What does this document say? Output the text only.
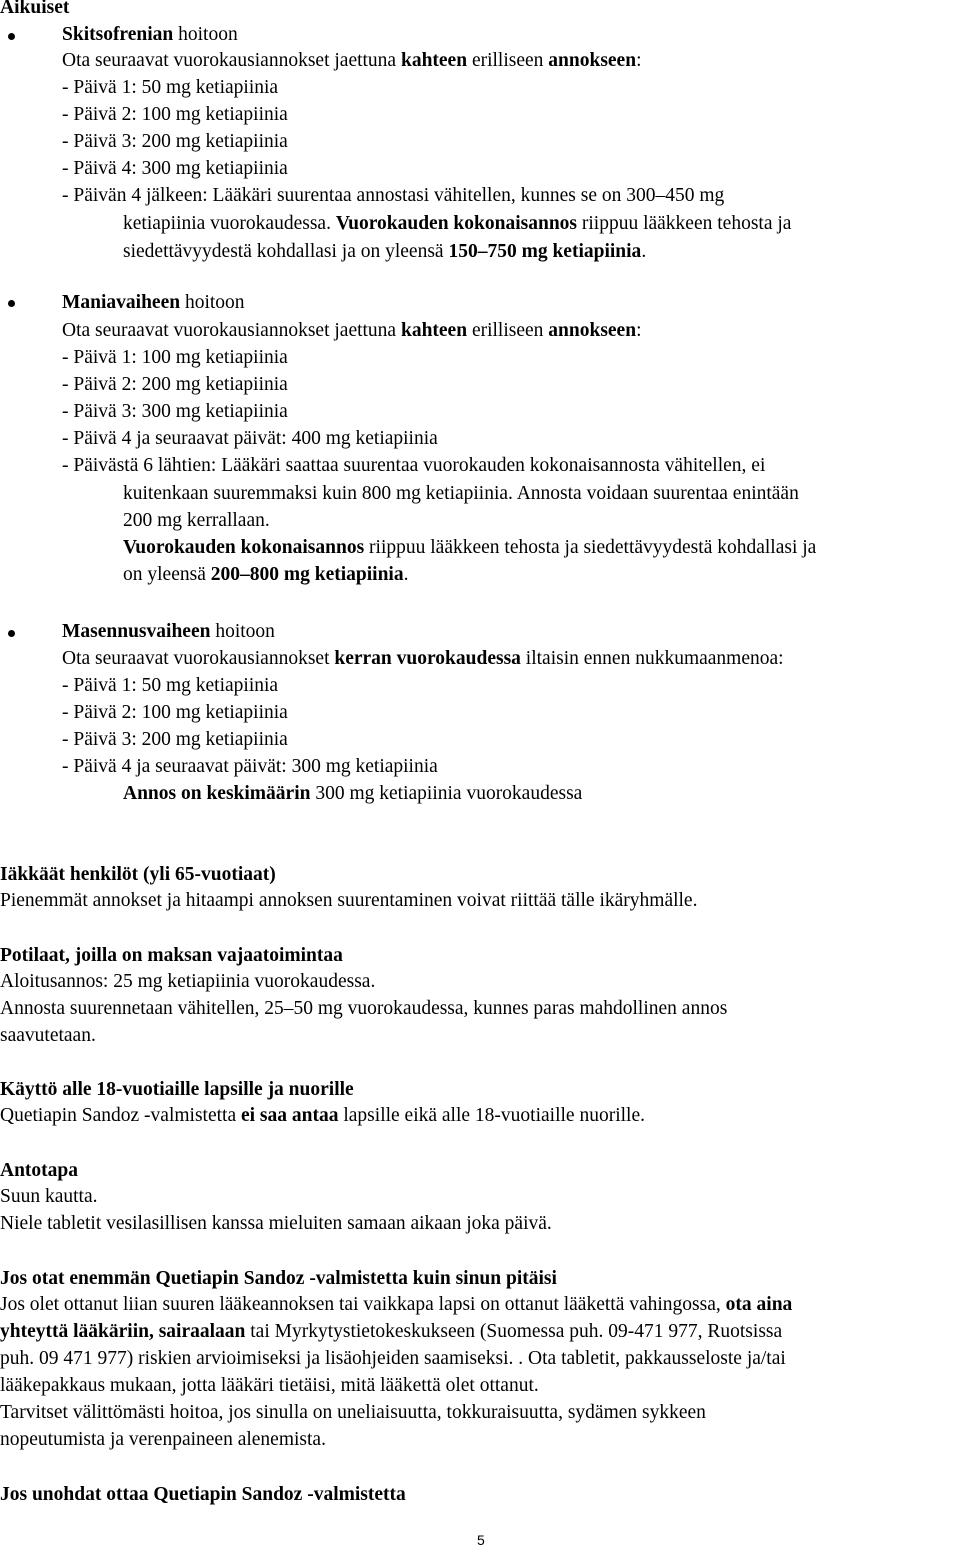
Aikuiset
Skitsofrenian hoitoon
Ota seuraavat vuorokausiannokset jaettuna kahteen erilliseen annokseen:
- Päivä 1: 50 mg ketiapiinia
- Päivä 2: 100 mg ketiapiinia
- Päivä 3: 200 mg ketiapiinia
- Päivä 4: 300 mg ketiapiinia
- Päivän 4 jälkeen: Lääkäri suurentaa annostasi vähitellen, kunnes se on 300–450 mg
ketiapiinia vuorokaudessa. Vuorokauden kokonaisannos riippuu lääkkeen tehosta ja
siedettävyydestä kohdallasi ja on yleensä 150–750 mg ketiapiinia.
Maniavaiheen hoitoon
Ota seuraavat vuorokausiannokset jaettuna kahteen erilliseen annokseen:
- Päivä 1: 100 mg ketiapiinia
- Päivä 2: 200 mg ketiapiinia
- Päivä 3: 300 mg ketiapiinia
- Päivä 4 ja seuraavat päivät: 400 mg ketiapiinia
- Päivästä 6 lähtien: Lääkäri saattaa suurentaa vuorokauden kokonaisannosta vähitellen, ei
kuitenkaan suuremmaksi kuin 800 mg ketiapiinia. Annosta voidaan suurentaa enintään
200 mg kerrallaan.
Vuorokauden kokonaisannos riippuu lääkkeen tehosta ja siedettävyydestä kohdallasi ja
on yleensä 200–800 mg ketiapiinia.
Masennusvaiheen hoitoon
Ota seuraavat vuorokausiannokset kerran vuorokaudessa iltaisin ennen nukkumaanmenoa:
- Päivä 1: 50 mg ketiapiinia
- Päivä 2: 100 mg ketiapiinia
- Päivä 3: 200 mg ketiapiinia
- Päivä 4 ja seuraavat päivät: 300 mg ketiapiinia
Annos on keskimäärin 300 mg ketiapiinia vuorokaudessa
Iäkkäät henkilöt (yli 65-vuotiaat)
Pienemmät annokset ja hitaampi annoksen suurentaminen voivat riittää tälle ikäryhmälle.
Potilaat, joilla on maksan vajaatoimintaa
Aloitusannos: 25 mg ketiapiinia vuorokaudessa.
Annosta suurennetaan vähitellen, 25–50 mg vuorokaudessa, kunnes paras mahdollinen annos
saavutetaan.
Käyttö alle 18-vuotiaille lapsille ja nuorille
Quetiapin Sandoz -valmistetta ei saa antaa lapsille eikä alle 18-vuotiaille nuorille.
Antotapa
Suun kautta.
Niele tabletit vesilasillisen kanssa mieluiten samaan aikaan joka päivä.
Jos otat enemmän Quetiapin Sandoz -valmistetta kuin sinun pitäisi
Jos olet ottanut liian suuren lääkeannoksen tai vaikkapa lapsi on ottanut lääkettä vahingossa, ota aina
yhteyttä lääkäriin, sairaalaan tai Myrkytystietokeskukseen (Suomessa puh. 09-471 977, Ruotsissa
puh. 09 471 977) riskien arvioimiseksi ja lisäohjeiden saamiseksi. . Ota tabletit, pakkausseloste ja/tai
lääkepakkaus mukaan, jotta lääkäri tietäisi, mitä lääkettä olet ottanut.
Tarvitset välittömästi hoitoa, jos sinulla on uneliaisuutta, tokkuraisuutta, sydämen sykkeen
nopeutumista ja verenpaineen alenemista.
Jos unohdat ottaa Quetiapin Sandoz -valmistetta
5
